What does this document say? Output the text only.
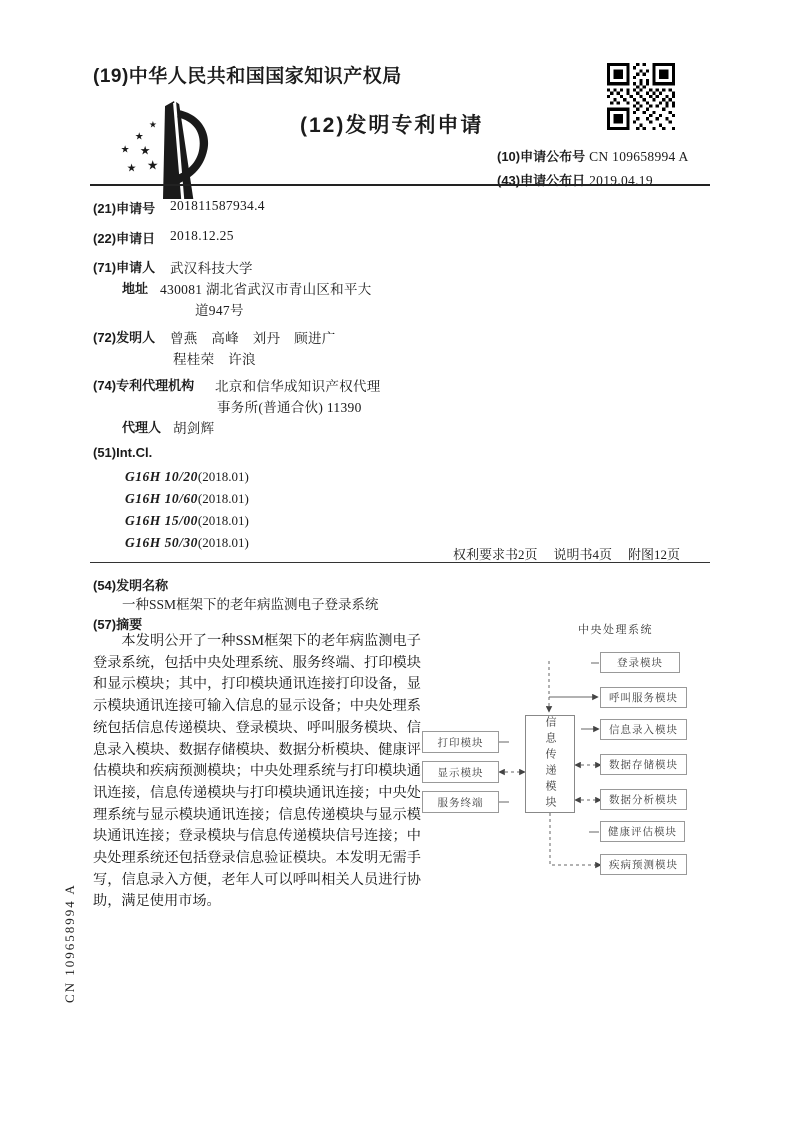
(19)中华人民共和国国家知识产权局
★
★
★ ★
★ ★
(12)发明专利申请
(10)申请公布号 CN 109658994 A
(43)申请公布日 2019.04.19
(21)申请号 201811587934.4
(22)申请日 2018.12.25
(71)申请人 武汉科技大学
地址 430081 湖北省武汉市青山区和平大
道947号
(72)发明人 曾燕　高峰　刘丹　顾进广
程桂荣　许浪
(74)专利代理机构 北京和信华成知识产权代理
事务所(普通合伙) 11390
代理人 胡剑辉
(51)Int.Cl.
G16H 10/20(2018.01)
G16H 10/60(2018.01)
G16H 15/00(2018.01)
G16H 50/30(2018.01)
权利要求书2页 说明书4页 附图12页
(54)发明名称
一种SSM框架下的老年病监测电子登录系统
(57)摘要
本发明公开了一种SSM框架下的老年病监测电子登录系统，包括中央处理系统、服务终端、打印模块和显示模块；其中，打印模块通讯连接打印设备，显示模块通讯连接可输入信息的显示设备；中央处理系统包括信息传递模块、登录模块、呼叫服务模块、信息录入模块、数据存储模块、数据分析模块、健康评估模块和疾病预测模块；中央处理系统与打印模块通讯连接，信息传递模块与打印模块通讯连接；中央处理系统与显示模块通讯连接；信息传递模块与显示模块通讯连接；登录模块与信息传递模块信号连接；中央处理系统还包括登录信息验证模块。本发明无需手写，信息录入方便，老年人可以呼叫相关人员进行协助，满足使用市场。
中央处理系统
信息传递模块
打印模块
显示模块
服务终端
登录模块
呼叫服务模块
信息录入模块
数据存储模块
数据分析模块
健康评估模块
疾病预测模块
CN 109658994 A
